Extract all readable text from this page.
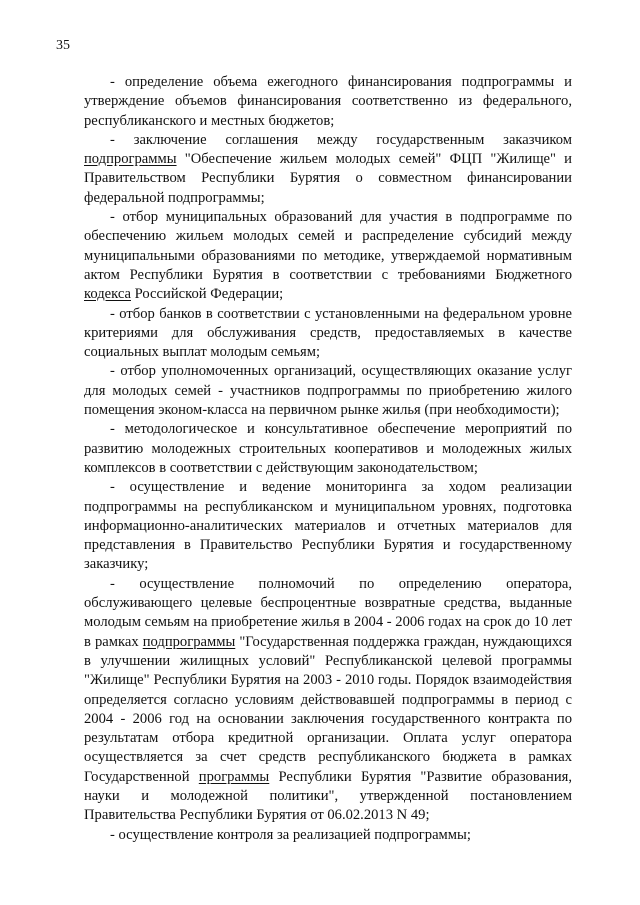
35

- определение объема ежегодного финансирования подпрограммы и утверждение объемов финансирования соответственно из федерального, республиканского и местных бюджетов;

- заключение соглашения между государственным заказчиком подпрограммы "Обеспечение жильем молодых семей" ФЦП "Жилище" и Правительством Республики Бурятия о совместном финансировании федеральной подпрограммы;

- отбор муниципальных образований для участия в подпрограмме по обеспечению жильем молодых семей и распределение субсидий между муниципальными образованиями по методике, утверждаемой нормативным актом Республики Бурятия в соответствии с требованиями Бюджетного кодекса Российской Федерации;

- отбор банков в соответствии с установленными на федеральном уровне критериями для обслуживания средств, предоставляемых в качестве социальных выплат молодым семьям;

- отбор уполномоченных организаций, осуществляющих оказание услуг для молодых семей - участников подпрограммы по приобретению жилого помещения эконом-класса на первичном рынке жилья (при необходимости);

- методологическое и консультативное обеспечение мероприятий по развитию молодежных строительных кооперативов и молодежных жилых комплексов в соответствии с действующим законодательством;

- осуществление и ведение мониторинга за ходом реализации подпрограммы на республиканском и муниципальном уровнях, подготовка информационно-аналитических материалов и отчетных материалов для представления в Правительство Республики Бурятия и государственному заказчику;

- осуществление полномочий по определению оператора, обслуживающего целевые беспроцентные возвратные средства, выданные молодым семьям на приобретение жилья в 2004 - 2006 годах на срок до 10 лет в рамках подпрограммы "Государственная поддержка граждан, нуждающихся в улучшении жилищных условий" Республиканской целевой программы "Жилище" Республики Бурятия на 2003 - 2010 годы. Порядок взаимодействия определяется согласно условиям действовавшей подпрограммы в период с 2004 - 2006 год на основании заключения государственного контракта по результатам отбора кредитной организации. Оплата услуг оператора осуществляется за счет средств республиканского бюджета в рамках Государственной программы Республики Бурятия "Развитие образования, науки и молодежной политики", утвержденной постановлением Правительства Республики Бурятия от 06.02.2013 N 49;

- осуществление контроля за реализацией подпрограммы;
